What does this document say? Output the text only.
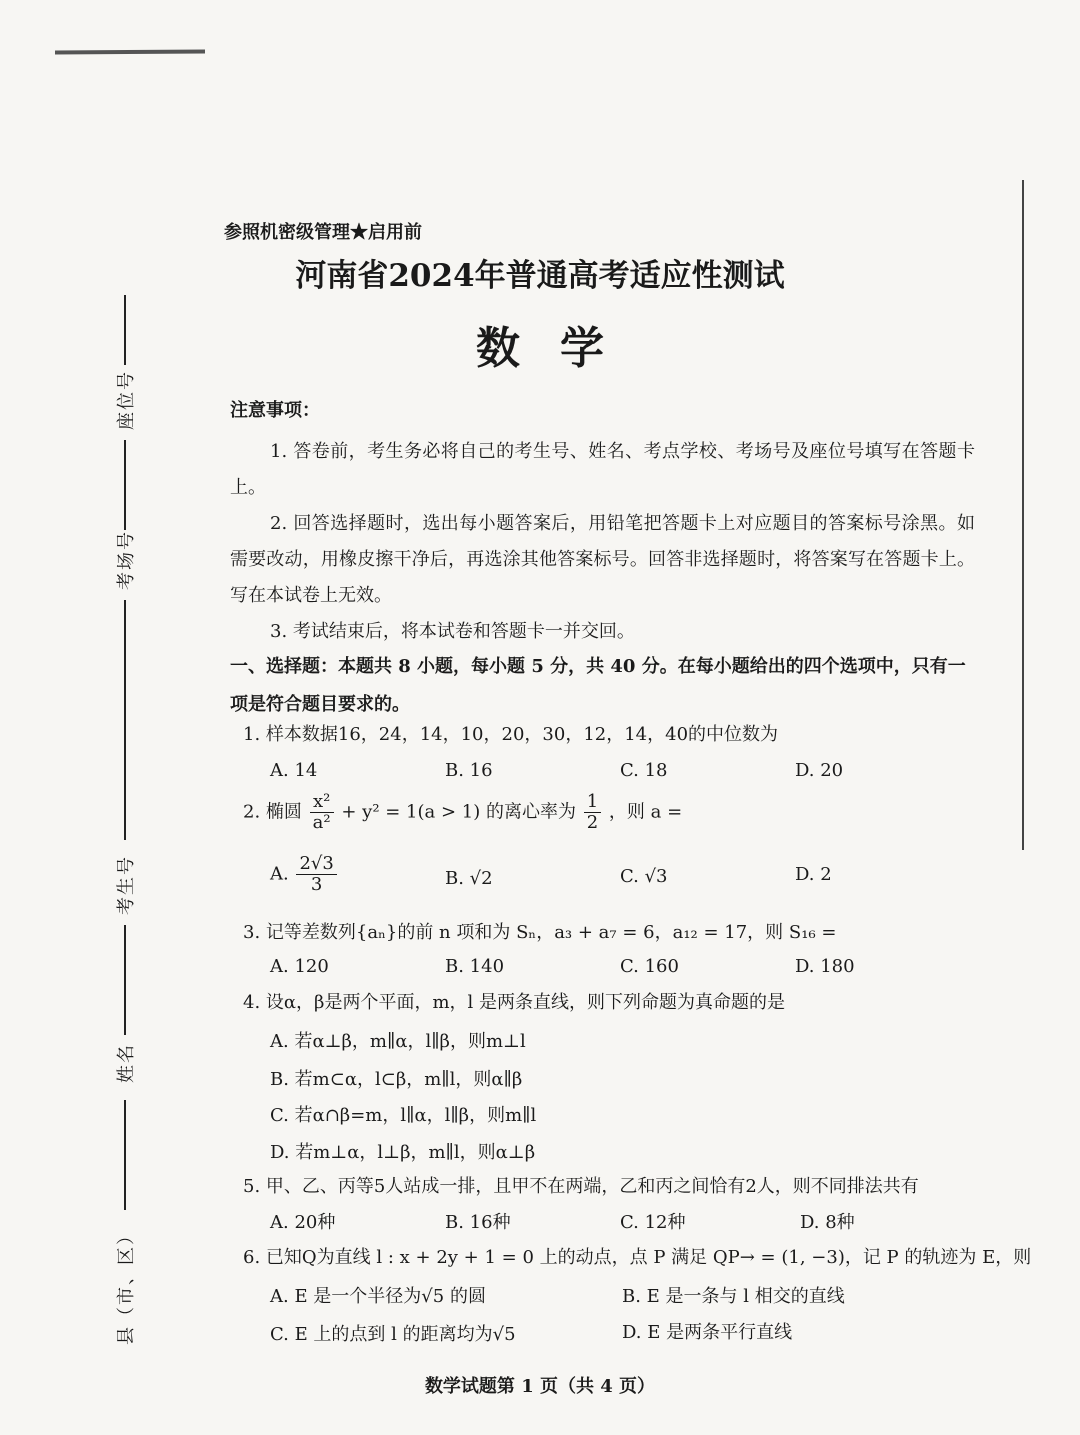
座位号
考场号
考生号
姓名
县（市、区）
参照机密级管理★启用前
河南省2024年普通高考适应性测试
数学
注意事项：
1. 答卷前，考生务必将自己的考生号、姓名、考点学校、考场号及座位号填写在答题卡上。
2. 回答选择题时，选出每小题答案后，用铅笔把答题卡上对应题目的答案标号涂黑。如需要改动，用橡皮擦干净后，再选涂其他答案标号。回答非选择题时，将答案写在答题卡上。写在本试卷上无效。
3. 考试结束后，将本试卷和答题卡一并交回。
一、选择题：本题共 8 小题，每小题 5 分，共 40 分。在每小题给出的四个选项中，只有一项是符合题目要求的。
1. 样本数据16，24，14，10，20，30，12，14，40的中位数为
A. 14	B. 16	C. 18	D. 20
2. 椭圆 $\frac{\text{x²}}{\text{a²}} + y^2 = 1(a > 1)$ 的离心率为 $\frac{1}{2}$ ，则 a =
A. $\frac{2√3}{3}$	B. √2	C. √3	D. 2
3. 记等差数列{aₙ}的前 n 项和为 Sₙ，a₃ + a₇ = 6，a₁₂ = 17，则 S₁₆ =
A. 120	B. 140	C. 160	D. 180
4. 设α，β是两个平面，m，l 是两条直线，则下列命题为真命题的是
A. 若α⊥β，m∥α，l∥β，则m⊥l
B. 若m⊂α，l⊂β，m∥l，则α∥β
C. 若α∩β=m，l∥α，l∥β，则m∥l
D. 若m⊥α，l⊥β，m∥l，则α⊥β
5. 甲、乙、丙等5人站成一排，且甲不在两端，乙和丙之间恰有2人，则不同排法共有
A. 20种	B. 16种	C. 12种	D. 8种
6. 已知Q为直线 l : x + 2y + 1 = 0 上的动点，点 P 满足 QP→ = (1, −3)，记 P 的轨迹为 E，则
A. E 是一个半径为√5 的圆	B. E 是一条与 l 相交的直线
C. E 上的点到 l 的距离均为√5	D. E 是两条平行直线
数学试题第 1 页（共 4 页）
